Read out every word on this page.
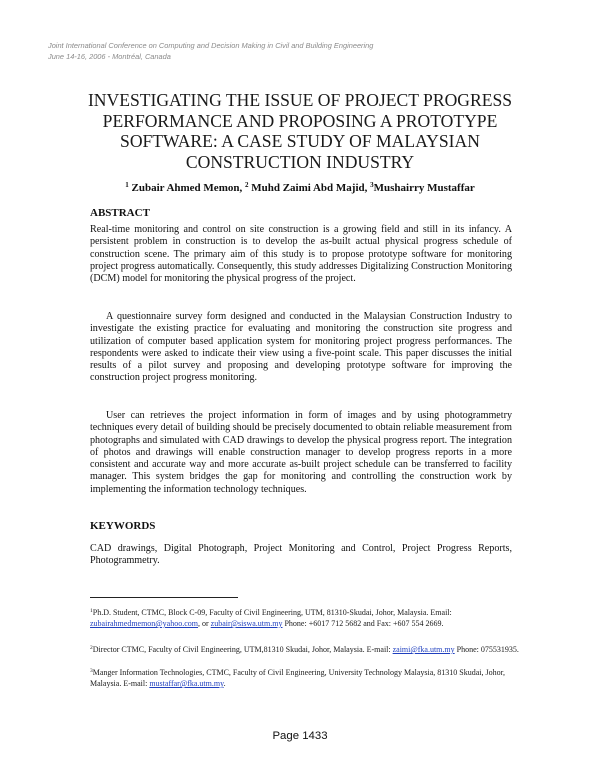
Joint International Conference on Computing and Decision Making in Civil and Building Engineering
June 14-16, 2006 - Montréal, Canada
INVESTIGATING THE ISSUE OF PROJECT PROGRESS PERFORMANCE AND PROPOSING A PROTOTYPE SOFTWARE: A CASE STUDY OF MALAYSIAN CONSTRUCTION INDUSTRY
$^1$ Zubair Ahmed Memon, $^2$ Muhd Zaimi Abd Majid, $^3$Mushairry Mustaffar
ABSTRACT
Real-time monitoring and control on site construction is a growing field and still in its infancy. A persistent problem in construction is to develop the as-built actual physical progress schedule of construction scene. The primary aim of this study is to propose prototype software for monitoring project progress automatically. Consequently, this study addresses Digitalizing Construction Monitoring (DCM) model for monitoring the physical progress of the project.
A questionnaire survey form designed and conducted in the Malaysian Construction Industry to investigate the existing practice for evaluating and monitoring the construction site progress and utilization of computer based application system for monitoring project progress performances. The respondents were asked to indicate their view using a five-point scale. This paper discusses the initial results of a pilot survey and proposing and developing prototype software for improving the construction project progress monitoring.
User can retrieves the project information in form of images and by using photogrammetry techniques every detail of building should be precisely documented to obtain reliable measurement from photographs and simulated with CAD drawings to develop the physical progress report. The integration of photos and drawings will enable construction manager to develop progress reports in a more consistent and accurate way and more accurate as-built project schedule can be transferred to facility manager. This system bridges the gap for monitoring and controlling the construction work by implementing the information technology techniques.
KEYWORDS
CAD drawings, Digital Photograph, Project Monitoring and Control, Project Progress Reports, Photogrammetry.
$^1$Ph.D. Student, CTMC, Block C-09, Faculty of Civil Engineering, UTM, 81310-Skudai, Johor, Malaysia. Email: zubairahmedmemon@yahoo.com, or zubair@siswa.utm.my Phone: +6017 712 5682 and Fax: +607 554 2669.
$^2$Director CTMC, Faculty of Civil Engineering, UTM,81310 Skudai, Johor, Malaysia. E-mail: zaimi@fka.utm.my Phone: 075531935.
$^3$Manger Information Technologies, CTMC, Faculty of Civil Engineering, University Technology Malaysia, 81310 Skudai, Johor, Malaysia. E-mail: mustaffar@fka.utm.my.
Page 1433
